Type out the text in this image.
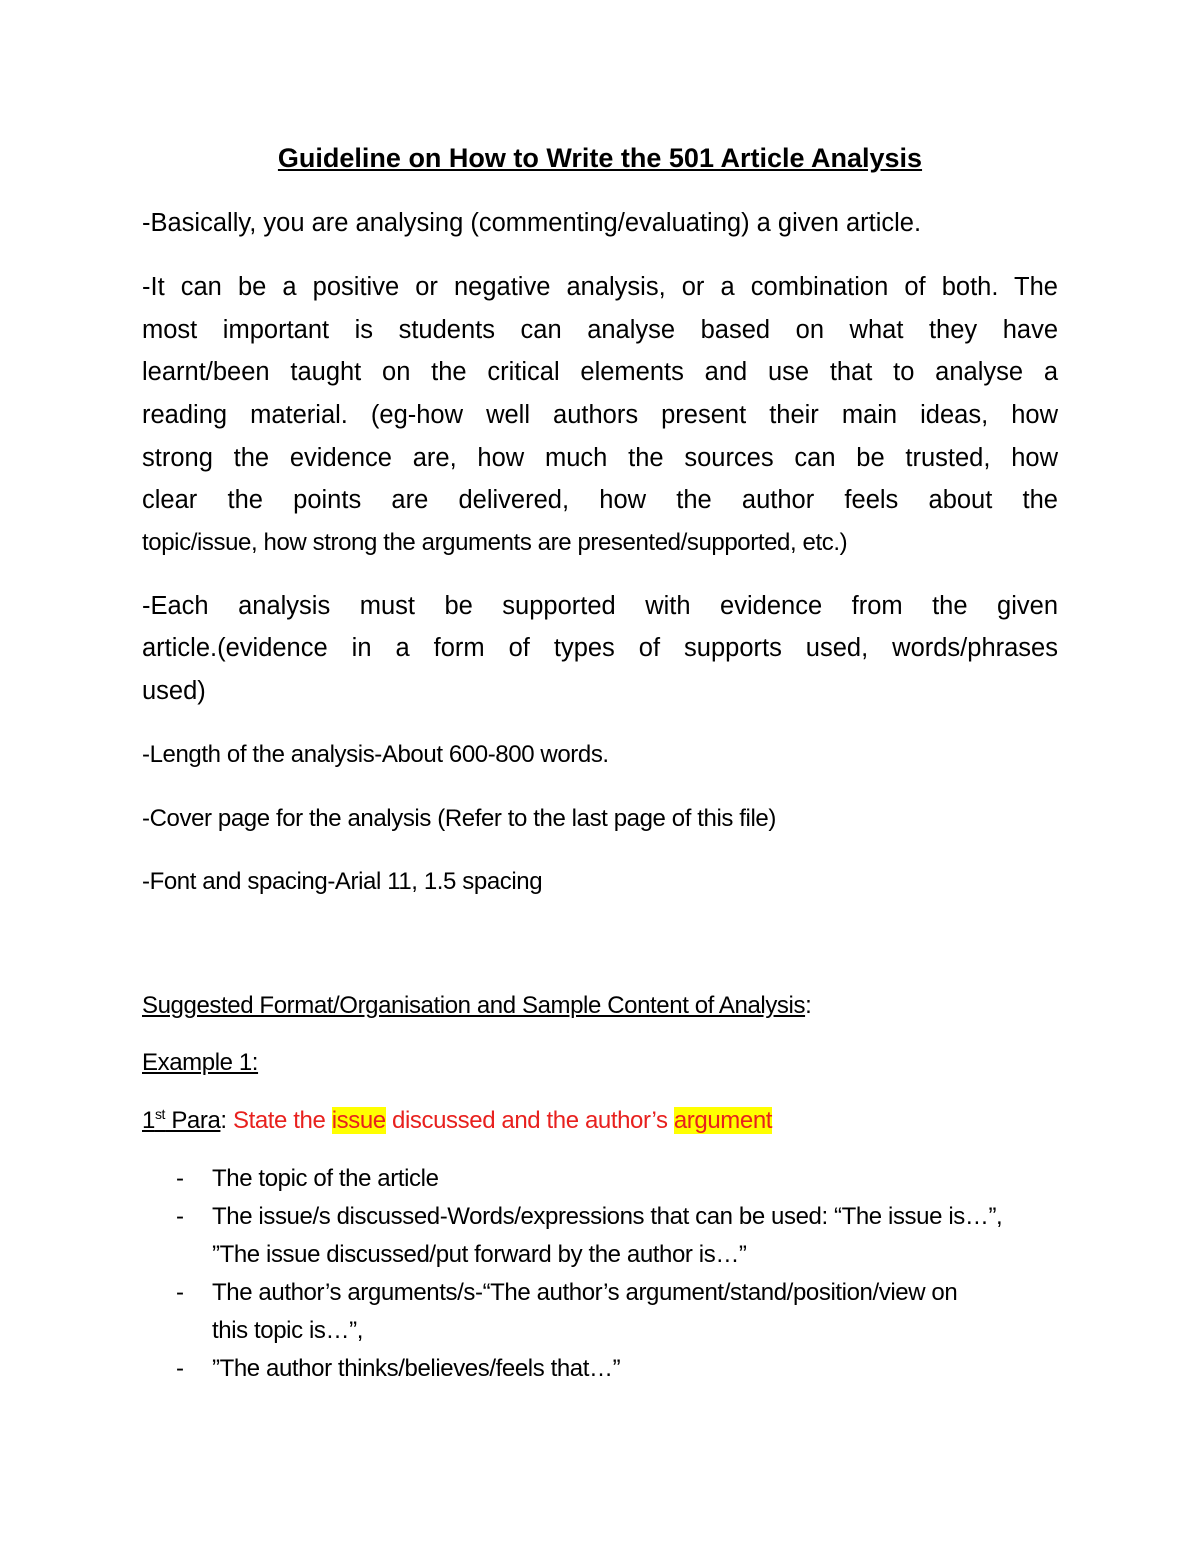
Guideline on How to Write the 501 Article Analysis
-Basically, you are analysing (commenting/evaluating) a given article.
-It can be a positive or negative analysis, or a combination of both. The
most important is students can analyse based on what they have
learnt/been taught on the critical elements and use that to analyse a
reading material. (eg-how well authors present their main ideas, how
strong the evidence are, how much the sources can be trusted, how
clear the points are delivered, how the author feels about the
topic/issue, how strong the arguments are presented/supported, etc.)
-Each analysis must be supported with evidence from the given
article.(evidence in a form of types of supports used, words/phrases
used)
-Length of the analysis-About 600-800 words.
-Cover page for the analysis (Refer to the last page of this file)
-Font and spacing-Arial 11, 1.5 spacing
Suggested Format/Organisation and Sample Content of Analysis:
Example 1:
1st Para: State the issue discussed and the author’s argument
- The topic of the article
- The issue/s discussed-Words/expressions that can be used: “The issue is…”,
”The issue discussed/put forward by the author is…”
- The author’s arguments/s-“The author’s argument/stand/position/view on
this topic is…”,
- ”The author thinks/believes/feels that…”
